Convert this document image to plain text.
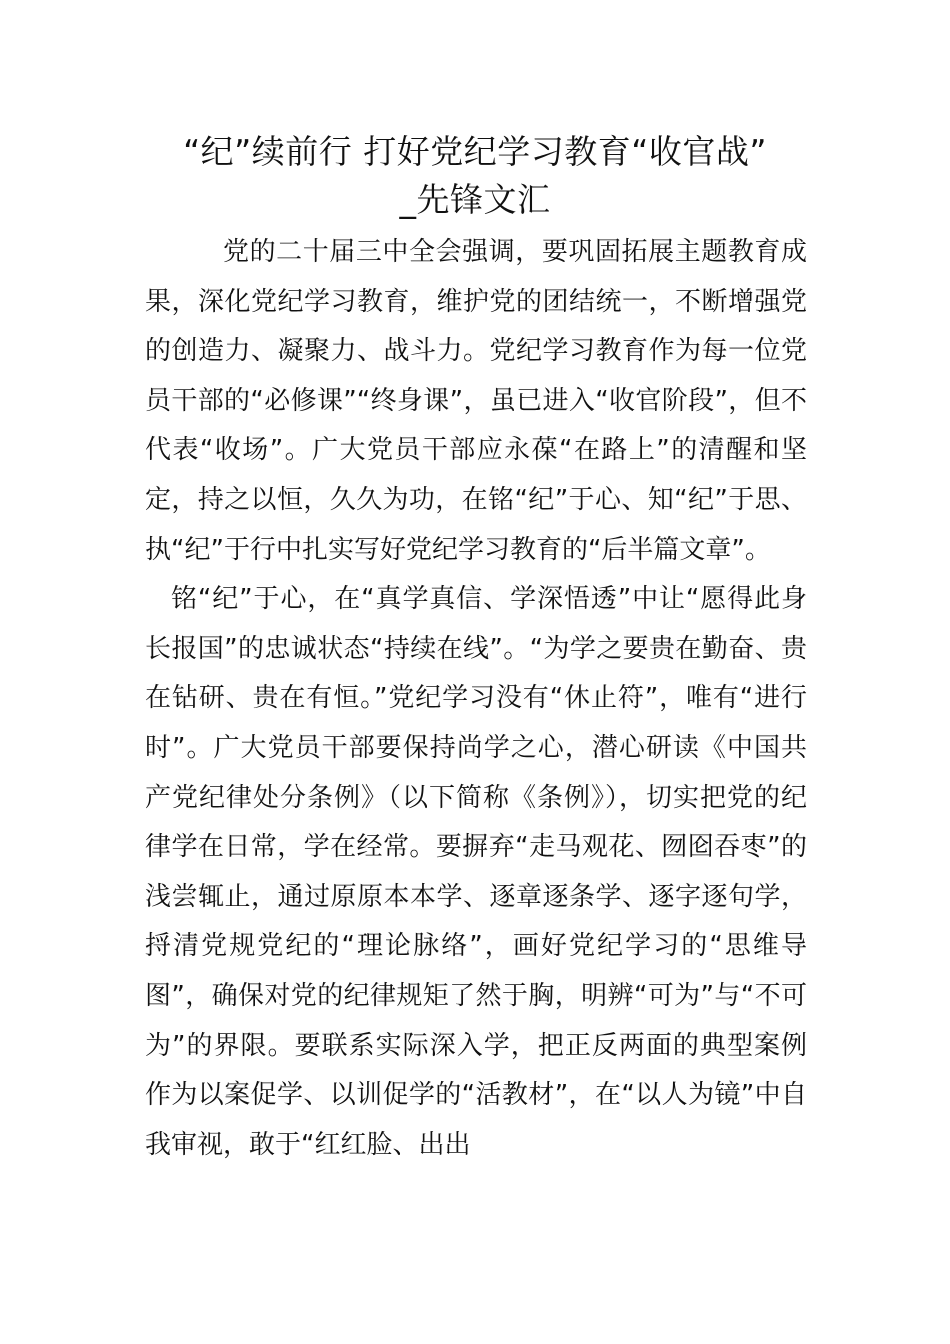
“纪”续前行 打好党纪学习教育“收官战”
_先锋文汇

党的二十届三中全会强调，要巩固拓展主题教育成果，深化党纪学习教育，维护党的团结统一，不断增强党的创造力、凝聚力、战斗力。党纪学习教育作为每一位党员干部的“必修课”“终身课”，虽已进入“收官阶段”，但不代表“收场”。广大党员干部应永葆“在路上”的清醒和坚定，持之以恒，久久为功，在铭“纪”于心、知“纪”于思、执“纪”于行中扎实写好党纪学习教育的“后半篇文章”。

铭“纪”于心，在“真学真信、学深悟透”中让“愿得此身长报国”的忠诚状态“持续在线”。“为学之要贵在勤奋、贵在钻研、贵在有恒。”党纪学习没有“休止符”，唯有“进行时”。广大党员干部要保持尚学之心，潜心研读《中国共产党纪律处分条例》（以下简称《条例》），切实把党的纪律学在日常，学在经常。要摒弃“走马观花、囫囵吞枣”的浅尝辄止，通过原原本本学、逐章逐条学、逐字逐句学，捋清党规党纪的“理论脉络”，画好党纪学习的“思维导图”，确保对党的纪律规矩了然于胸，明辨“可为”与“不可为”的界限。要联系实际深入学，把正反两面的典型案例作为以案促学、以训促学的“活教材”，在“以人为镜”中自我审视，敢于“红红脸、出出
